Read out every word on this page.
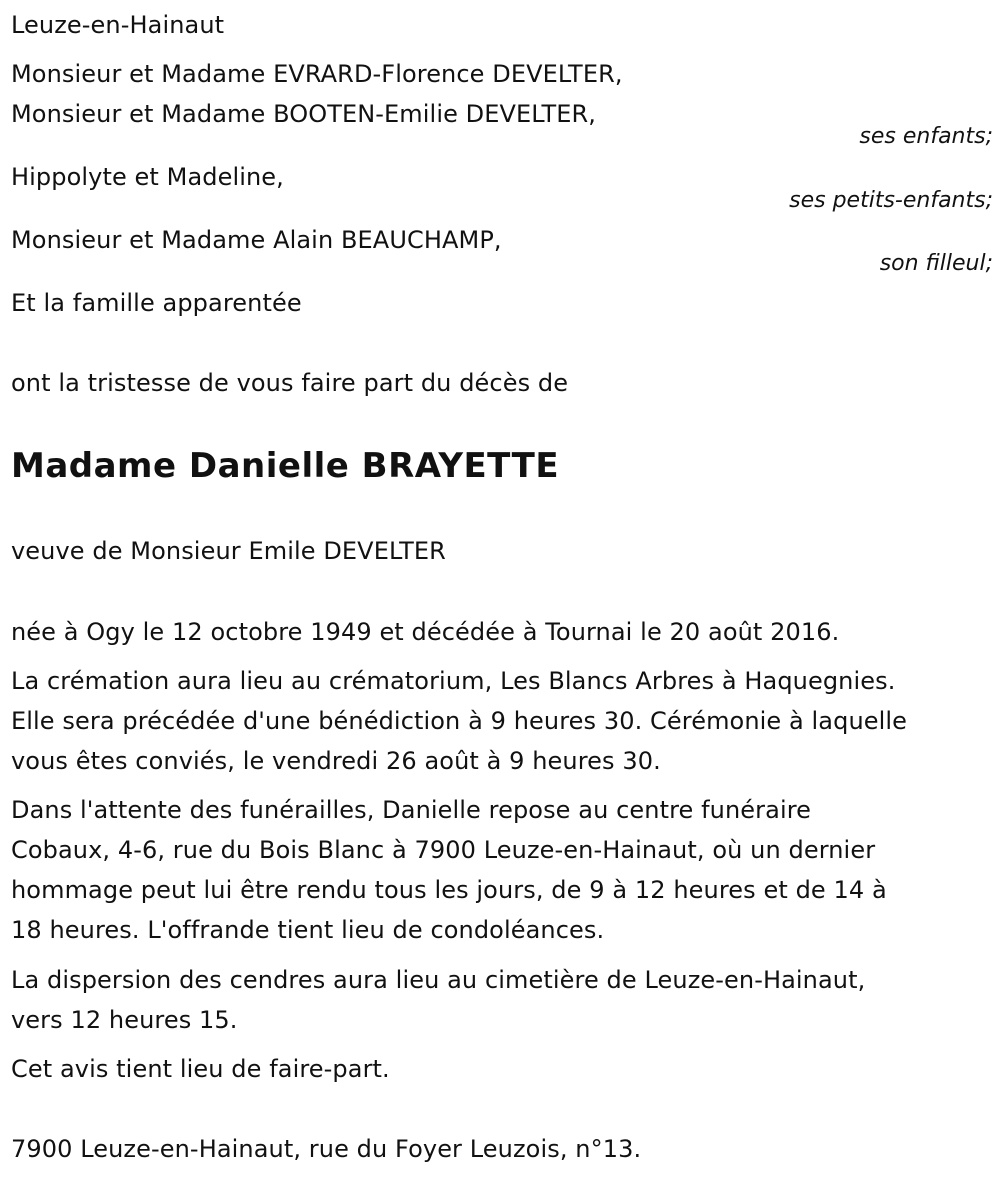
Leuze-en-Hainaut
Monsieur et Madame EVRARD-Florence DEVELTER,
Monsieur et Madame BOOTEN-Emilie DEVELTER,
ses enfants;
Hippolyte et Madeline,
ses petits-enfants;
Monsieur et Madame Alain BEAUCHAMP,
son filleul;
Et la famille apparentée
ont la tristesse de vous faire part du décès de
Madame Danielle BRAYETTE
veuve de Monsieur Emile DEVELTER
née à Ogy le 12 octobre 1949 et décédée à Tournai le 20 août 2016.
La crémation aura lieu au crématorium, Les Blancs Arbres à Haquegnies.
Elle sera précédée d'une bénédiction à 9 heures 30. Cérémonie à laquelle
vous êtes conviés, le vendredi 26 août à 9 heures 30.
Dans l'attente des funérailles, Danielle repose au centre funéraire
Cobaux, 4-6, rue du Bois Blanc à 7900 Leuze-en-Hainaut, où un dernier
hommage peut lui être rendu tous les jours, de 9 à 12 heures et de 14 à
18 heures. L'offrande tient lieu de condoléances.
La dispersion des cendres aura lieu au cimetière de Leuze-en-Hainaut,
vers 12 heures 15.
Cet avis tient lieu de faire-part.
7900 Leuze-en-Hainaut, rue du Foyer Leuzois, n°13.
